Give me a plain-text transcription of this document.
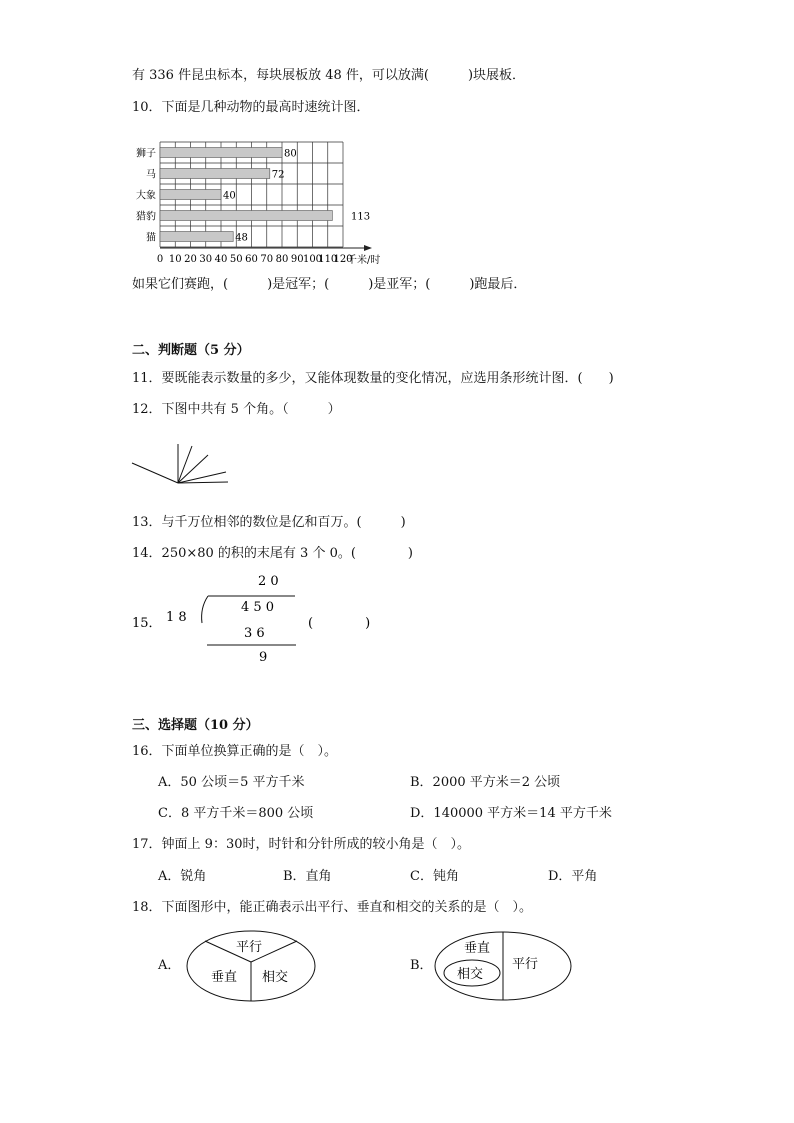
有 336 件昆虫标本，每块展板放 48 件，可以放满(　　　)块展板．
10．下面是几种动物的最高时速统计图．
狮子
马
大象
猎豹
猫
80
72
40
113
48
0 10 20 30 40 50 60 70 80 90 100
110
120
千米/时
如果它们赛跑，(　　　)是冠军；(　　　)是亚军；(　　　)跑最后．
二、判断题（5 分）
11．要既能表示数量的多少，又能体现数量的变化情况，应选用条形统计图．(　　)
12．下图中共有 5 个角。（　　　）
13．与千万位相邻的数位是亿和百万。(　　　)
14．250×80 的积的末尾有 3 个 0。(　　　　)
15．
2 0
1 8
4 5 0
3 6
9
(　　　　)
三、选择题（10 分）
16．下面单位换算正确的是（　）。
A．50 公顷＝5 平方千米	B．2000 平方米＝2 公顷
C．8 平方千米＝800 公顷	D．140000 平方米＝14 平方千米
17．钟面上 9：30时，时针和分针所成的较小角是（　）。
A．锐角	B．直角	C．钝角	D．平角
18．下面图形中，能正确表示出平行、垂直和相交的关系的是（　）。
A．
平行
垂直 相交
B．
垂直
相交
平行
